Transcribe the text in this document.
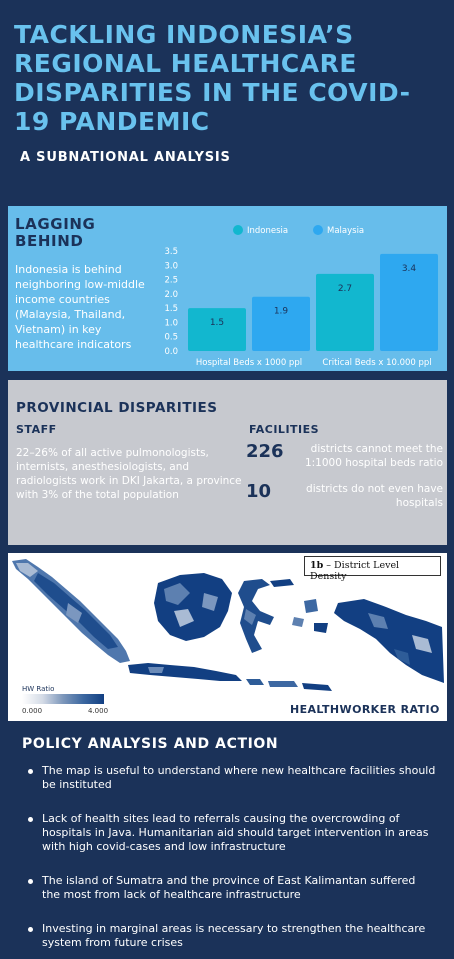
TACKLING INDONESIA’S REGIONAL HEALTHCARE DISPARITIES IN THE COVID-19 PANDEMIC
A SUBNATIONAL ANALYSIS
LAGGING BEHIND
Indonesia is behind neighboring low-middle income countries (Malaysia, Thailand, Vietnam) in key healthcare indicators
0.0
0.5
1.0
1.5
2.0
2.5
3.0
3.5
Indonesia	Malaysia
1.5
1.9
Hospital Beds x 1000 ppl
2.7
3.4
Critical Beds x 10.000 ppl
PROVINCIAL DISPARITIES
STAFF
22–26% of all active pulmonologists, internists, anesthesiologists, and radiologists work in DKI Jakarta, a province with 3% of the total population
FACILITIES
226	districts cannot meet the 1:1000 hospital beds ratio
10	districts do not even have hospitals
1b – District Level Density
HW Ratio
0.000	4.000	HEALTHWORKER RATIO
POLICY ANALYSIS AND ACTION
The map is useful to understand where new healthcare facilities should be instituted
Lack of health sites lead to referrals causing the overcrowding of hospitals in Java. Humanitarian aid should target intervention in areas with high covid-cases and low infrastructure
The island of Sumatra and the province of East Kalimantan suffered the most from lack of healthcare infrastructure
Investing in marginal areas is necessary to strengthen the healthcare system from future crises
